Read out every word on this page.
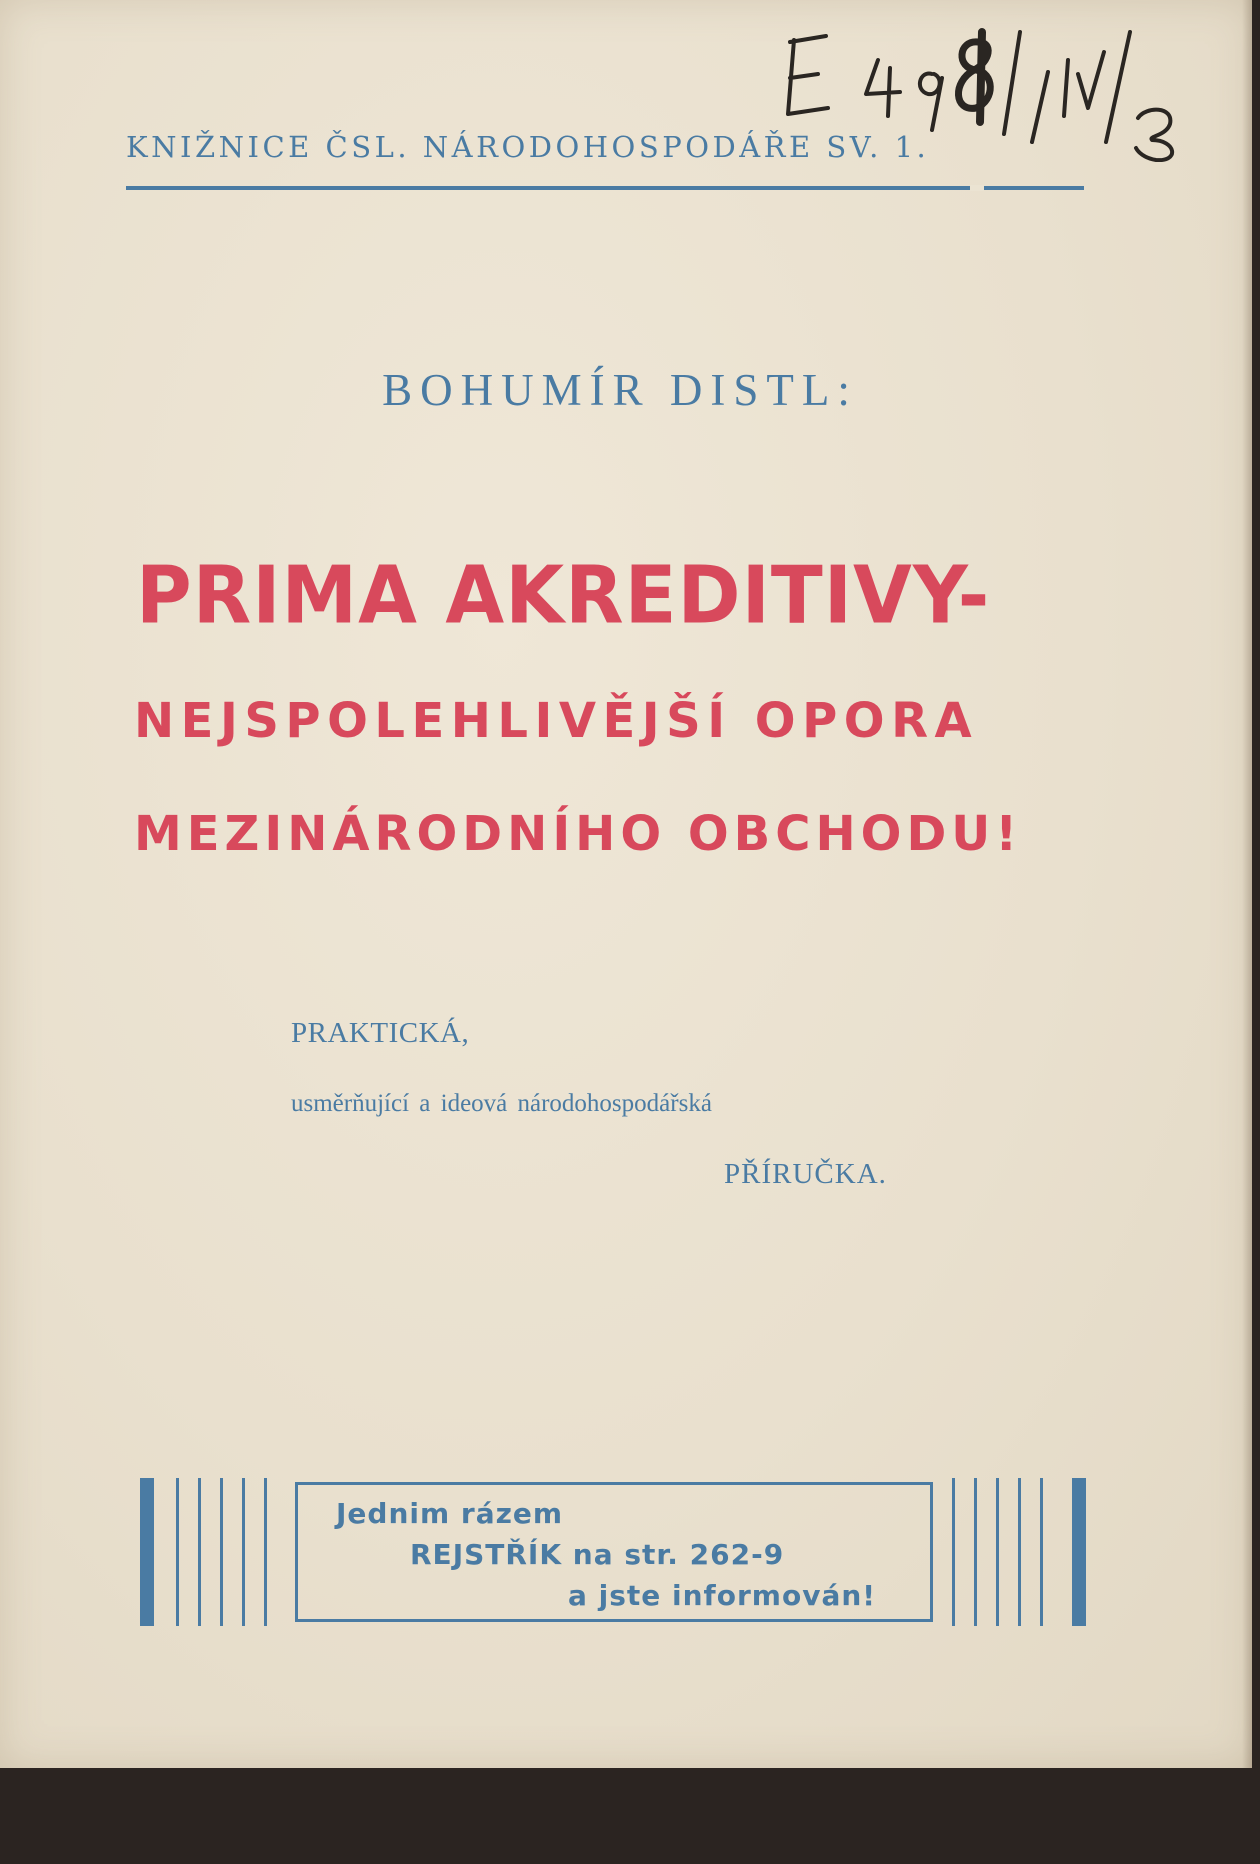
KNIŽNICE ČSL. NÁRODOHOSPODÁŘE SV. 1.
BOHUMÍR DISTL:
PRIMA AKREDITIVY-
NEJSPOLEHLIVĚJŠÍ OPORA
MEZINÁRODNÍHO OBCHODU!
PRAKTICKÁ,
usměrňující a ideová národohospodářská
PŘÍRUČKA.
Jednim rázem
REJSTŘÍK na str. 262-9
a jste informován!
